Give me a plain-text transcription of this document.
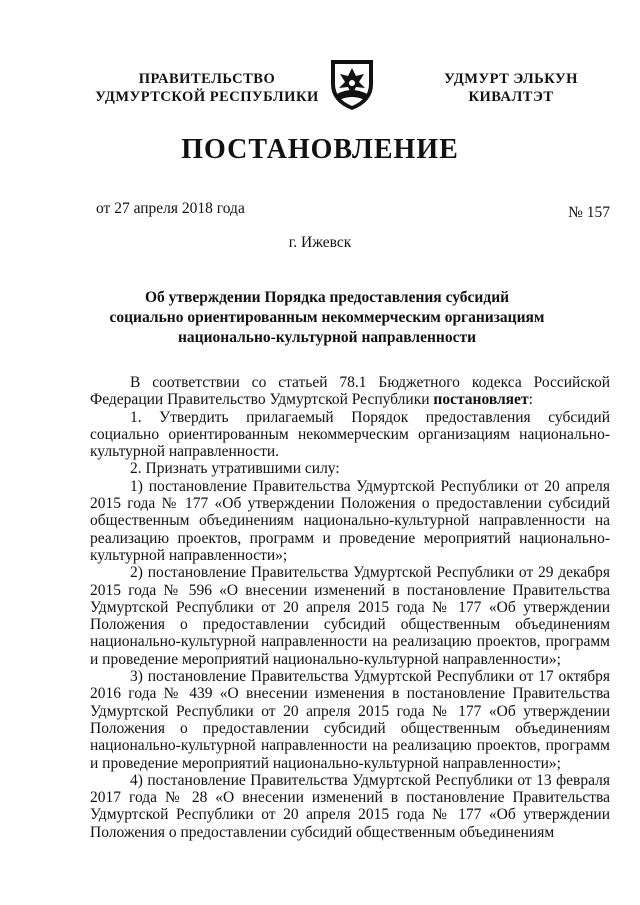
ПРАВИТЕЛЬСТВО
УДМУРТСКОЙ РЕСПУБЛИКИ
УДМУРТ ЭЛЬКУН
КИВАЛТЭТ
ПОСТАНОВЛЕНИЕ
от 27 апреля 2018 года	№ 157
г. Ижевск
Об утверждении Порядка предоставления субсидий
социально ориентированным некоммерческим организациям
национально-культурной направленности

В соответствии со статьей 78.1 Бюджетного кодекса Российской Федерации Правительство Удмуртской Республики постановляет:

1. Утвердить прилагаемый Порядок предоставления субсидий социально ориентированным некоммерческим организациям национально-культурной направленности.

2. Признать утратившими силу:

1) постановление Правительства Удмуртской Республики от 20 апреля 2015 года № 177 «Об утверждении Положения о предоставлении субсидий общественным объединениям национально-культурной направленности на реализацию проектов, программ и проведение мероприятий национально-культурной направленности»;

2) постановление Правительства Удмуртской Республики от 29 декабря 2015 года № 596 «О внесении изменений в постановление Правительства Удмуртской Республики от 20 апреля 2015 года № 177 «Об утверждении Положения о предоставлении субсидий общественным объединениям национально-культурной направленности на реализацию проектов, программ и проведение мероприятий национально-культурной направленности»;

3) постановление Правительства Удмуртской Республики от 17 октября 2016 года № 439 «О внесении изменения в постановление Правительства Удмуртской Республики от 20 апреля 2015 года № 177 «Об утверждении Положения о предоставлении субсидий общественным объединениям национально-культурной направленности на реализацию проектов, программ и проведение мероприятий национально-культурной направленности»;

4) постановление Правительства Удмуртской Республики от 13 февраля 2017 года № 28 «О внесении изменений в постановление Правительства Удмуртской Республики от 20 апреля 2015 года № 177 «Об утверждении Положения о предоставлении субсидий общественным объединениям
